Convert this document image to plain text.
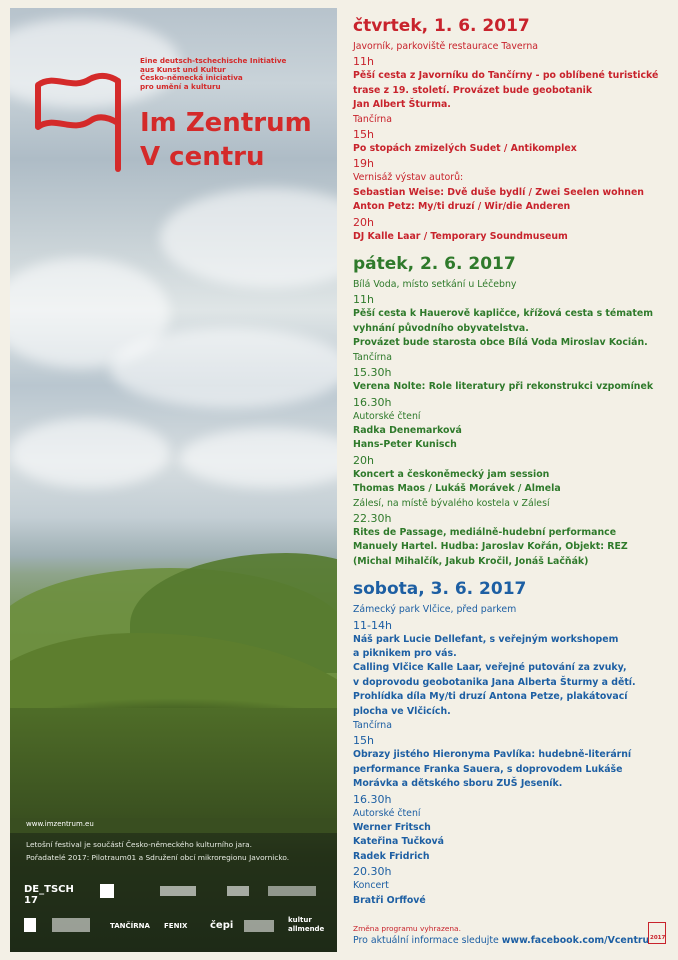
Eine deutsch-tschechische Initiative
aus Kunst und Kultur
Česko-německá iniciativa
pro umění a kulturu
Im Zentrum
V centru
www.imzentrum.eu
Letošní festival je součástí Česko-německého kulturního jara.
Pořadatelé 2017: Pilotraum01 a Sdružení obcí mikroregionu Javornicko.
DE_TSCH
17
TANČÍRNA FENIX čepi	kultur
allmende
čtvrtek, 1. 6. 2017
Javorník, parkoviště restaurace Taverna
11h
Pěší cesta z Javorníku do Tančírny - po oblíbené turistické
trase z 19. století. Provázet bude geobotanik
Jan Albert Šturma.
Tančírna
15h
Po stopách zmizelých Sudet / Antikomplex
19h
Vernisáž výstav autorů:
Sebastian Weise: Dvě duše bydlí / Zwei Seelen wohnen
Anton Petz: My/ti druzí / Wir/die Anderen
20h
DJ Kalle Laar / Temporary Soundmuseum
pátek, 2. 6. 2017
Bílá Voda, místo setkání u Léčebny
11h
Pěší cesta k Hauerově kapličce, křížová cesta s tématem
vyhnání původního obyvatelstva.
Provázet bude starosta obce Bílá Voda Miroslav Kocián.
Tančírna
15.30h
Verena Nolte: Role literatury při rekonstrukci vzpomínek
16.30h
Autorské čtení
Radka Denemarková
Hans-Peter Kunisch
20h
Koncert a českoněmecký jam session
Thomas Maos / Lukáš Morávek / Almela
Zálesí, na místě bývalého kostela v Zálesí
22.30h
Rites de Passage, mediálně-hudební performance
Manuely Hartel. Hudba: Jaroslav Kořán, Objekt: REZ
(Michal Mihalčík, Jakub Kročil, Jonáš Lačňák)
sobota, 3. 6. 2017
Zámecký park Vlčice, před parkem
11-14h
Náš park Lucie Dellefant, s veřejným workshopem
a piknikem pro vás.
Calling Vlčice Kalle Laar, veřejné putování za zvuky,
v doprovodu geobotanika Jana Alberta Šturmy a dětí.
Prohlídka díla My/ti druzí Antona Petze, plakátovací
plocha ve Vlčicích.
Tančírna
15h
Obrazy jistého Hieronyma Pavlíka: hudebně-literární
performance Franka Sauera, s doprovodem Lukáše
Morávka a dětského sboru ZUŠ Jeseník.
16.30h
Autorské čtení
Werner Fritsch
Kateřina Tučková
Radek Fridrich
20.30h
Koncert
Bratři Orffové
Změna programu vyhrazena.
Pro aktuální informace sledujte www.facebook.com/Vcentru 2017
